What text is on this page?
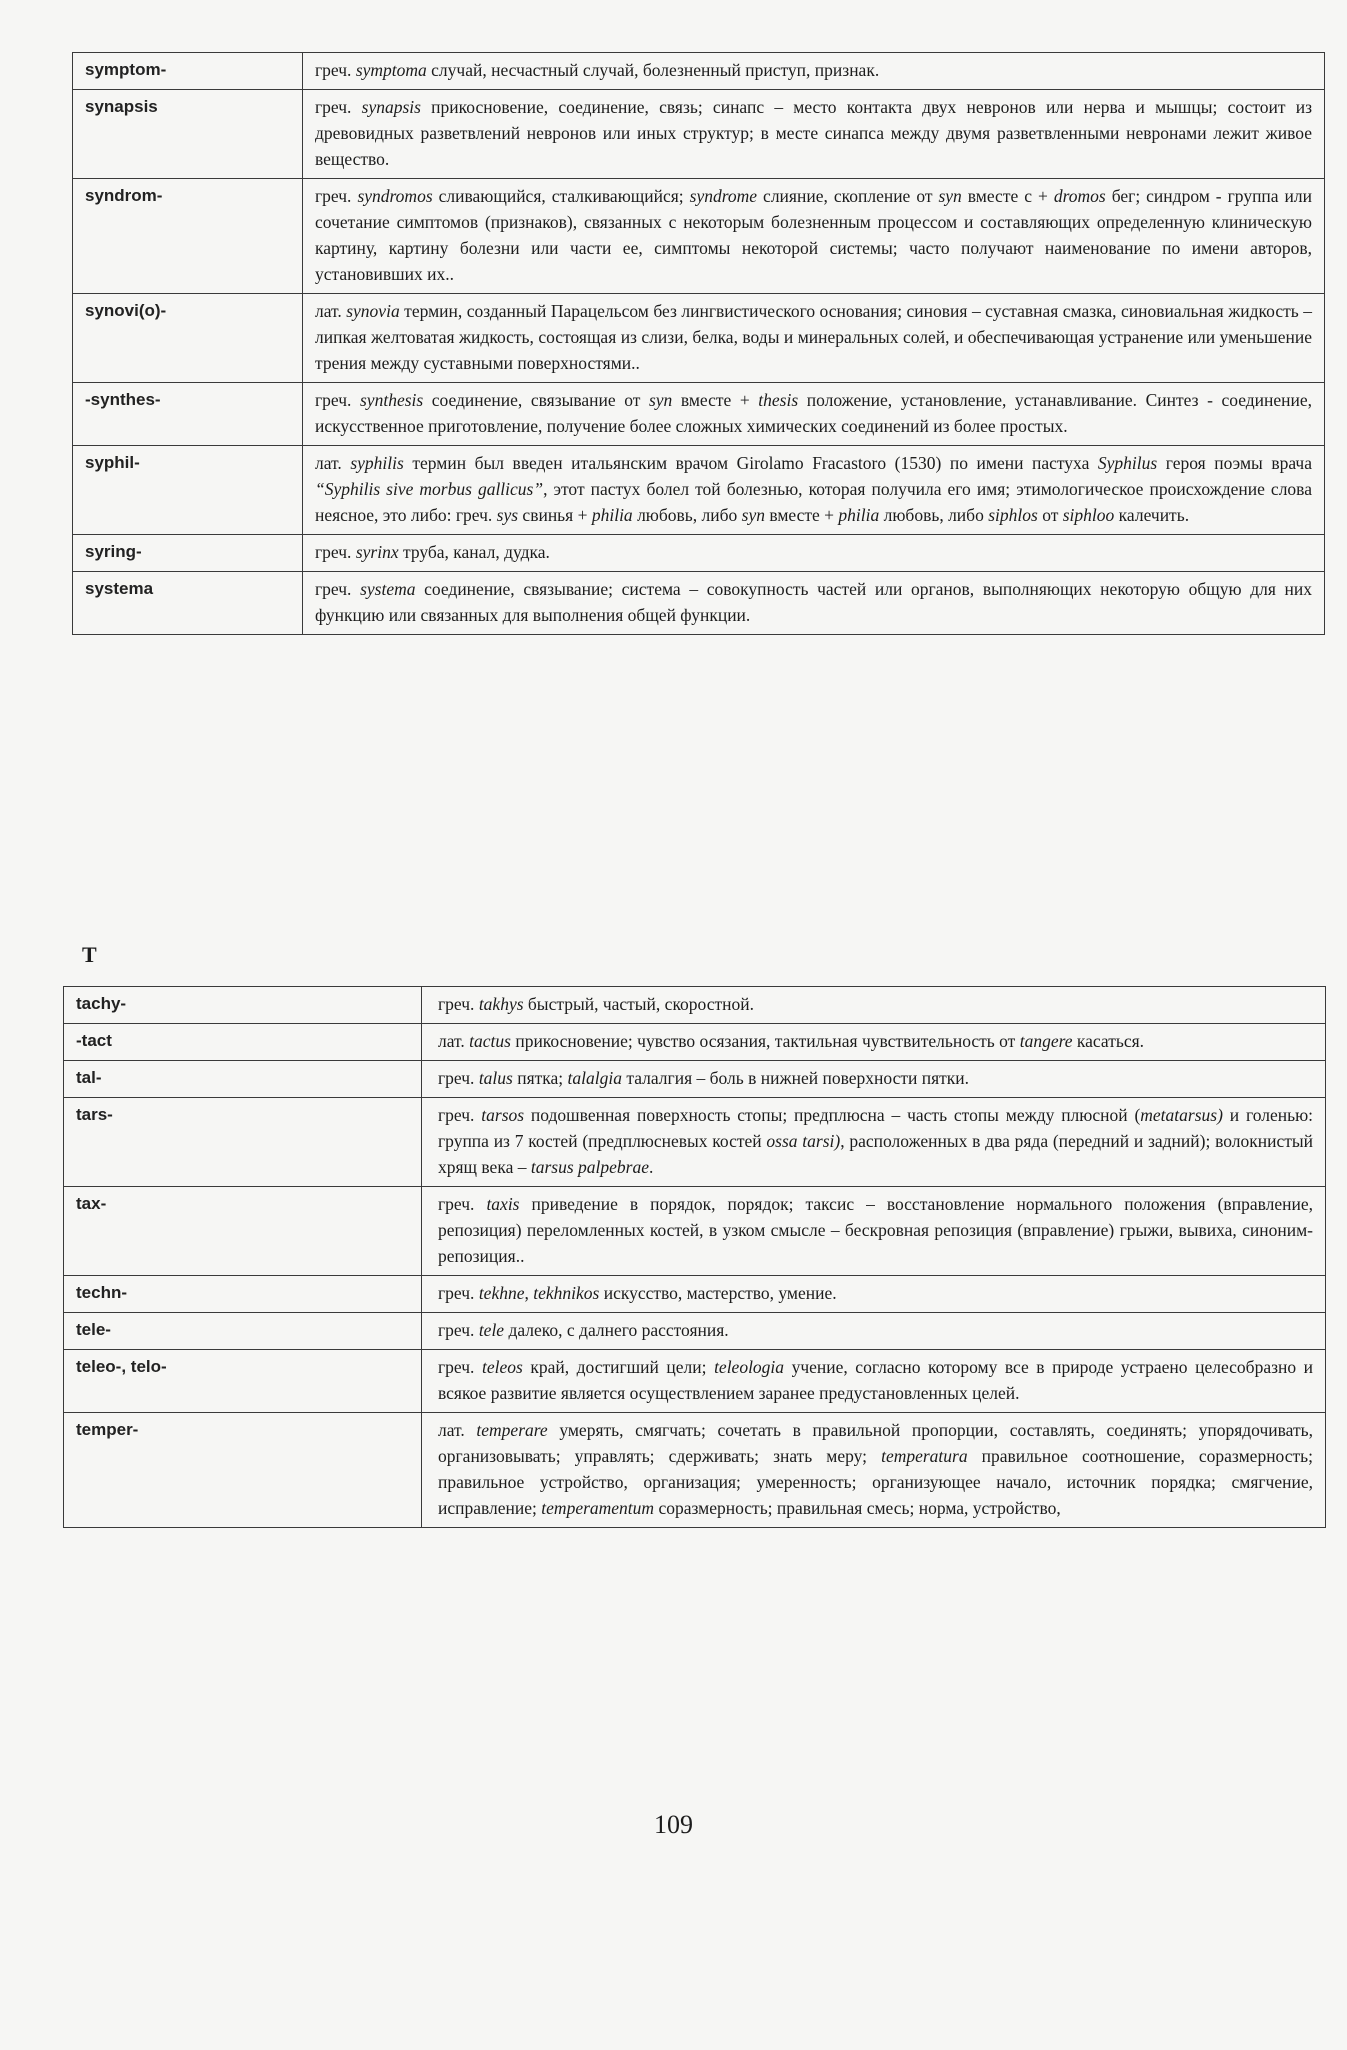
symptom-	греч. symptoma случай, несчастный случай, болезненный приступ, признак.
synapsis	греч. synapsis прикосновение, соединение, связь; синапс – место контакта двух невронов или нерва и мышцы; состоит из древовидных разветвлений невронов или иных структур; в месте синапса между двумя разветвленными невронами лежит живое вещество.
syndrom-	греч. syndromos сливающийся, сталкивающийся; syndrome слияние, скопление от syn вместе с + dromos бег; синдром - группа или сочетание симптомов (признаков), связанных с некоторым болезненным процессом и составляющих определенную клиническую картину, картину болезни или части ее, симптомы некоторой системы; часто получают наименование по имени авторов, установивших их..
synovi(o)-	лат. synovia термин, созданный Парацельсом без лингвистического основания; синовия – суставная смазка, синовиальная жидкость – липкая желтоватая жидкость, состоящая из слизи, белка, воды и минеральных солей, и обеспечивающая устранение или уменьшение трения между суставными поверхностями..
-synthes-	греч. synthesis соединение, связывание от syn вместе + thesis положение, установление, устанавливание. Синтез - соединение, искусственное приготовление, получение более сложных химических соединений из более простых.
syphil-	лат. syphilis термин был введен итальянским врачом Girolamo Fracastoro (1530) по имени пастуха Syphilus героя поэмы врача “Syphilis sive morbus gallicus”, этот пастух болел той болезнью, которая получила его имя; этимологическое происхождение слова неясное, это либо: греч. sys свинья + philia любовь, либо syn вместе + philia любовь, либо siphlos от siphloo калечить.
syring-	греч. syrinx труба, канал, дудка.
systema	греч. systema соединение, связывание; система – совокупность частей или органов, выполняющих некоторую общую для них функцию или связанных для выполнения общей функции.
T
tachy-	греч. takhys быстрый, частый, скоростной.
-tact	лат. tactus прикосновение; чувство осязания, тактильная чувствительность от tangere касаться.
tal-	греч. talus пятка; talalgia талалгия – боль в нижней поверхности пятки.
tars-	греч. tarsos подошвенная поверхность стопы; предплюсна – часть стопы между плюсной (metatarsus) и голенью: группа из 7 костей (предплюсневых костей ossa tarsi), расположенных в два ряда (передний и задний); волокнистый хрящ века – tarsus palpebrae.
tax-	греч. taxis приведение в порядок, порядок; таксис – восстановление нормального положения (вправление, репозиция) переломленных костей, в узком смысле – бескровная репозиция (вправление) грыжи, вывиха, синоним- репозиция..
techn-	греч. tekhne, tekhnikos искусство, мастерство, умение.
tele-	греч. tele далеко, с далнего расстояния.
teleo-, telo-	греч. teleos край, достигший цели; teleologia учение, согласно которому все в природе устраено целесобразно и всякое развитие является осуществлением заранее предустановленных целей.
temper-	лат. temperare умерять, смягчать; сочетать в правильной пропорции, составлять, соединять; упорядочивать, организовывать; управлять; сдерживать; знать меру; temperatura правильное соотношение, соразмерность; правильное устройство, организация; умеренность; организующее начало, источник порядка; смягчение, исправление; temperamentum соразмерность; правильная смесь; норма, устройство,
109
